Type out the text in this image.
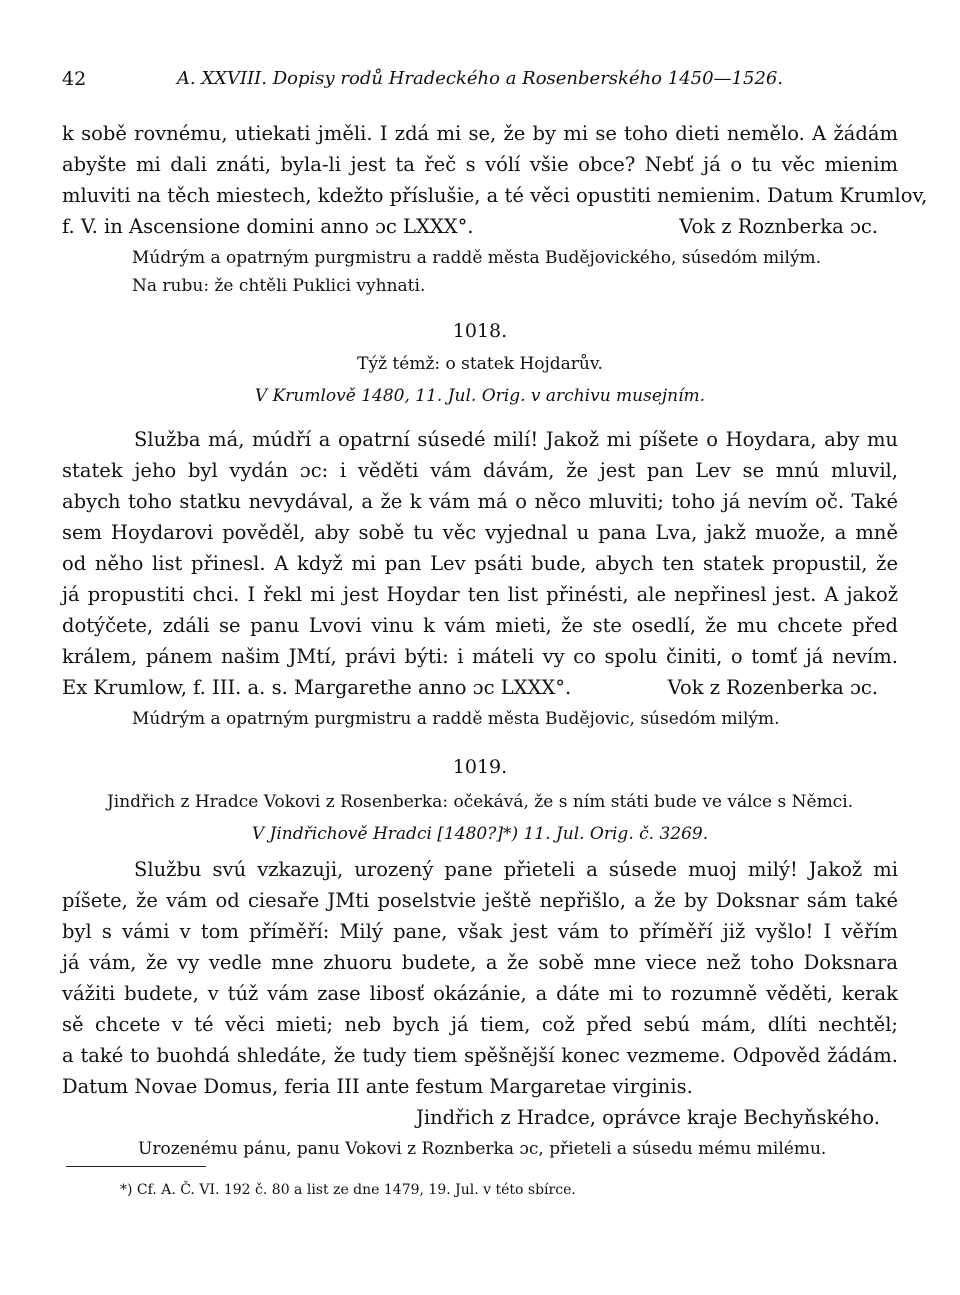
42	A. XXVIII. Dopisy rodů Hradeckého a Rosenberského 1450—1526.
k sobě rovnému, utiekati jměli. I zdá mi se, že by mi se toho dieti nemělo. A žádám
abyšte mi dali znáti, byla-li jest ta řeč s vólí všie obce? Nebť já o tu věc mienim
mluviti na těch miestech, kdežto příslušie, a té věci opustiti nemienim. Datum Krumlov,
f. V. in Ascensione domini anno ɔc LXXX°.	Vok z Roznberka ɔc.
Múdrým a opatrným purgmistru a raddě města Budějovického, súsedóm milým.
Na rubu: že chtěli Puklici vyhnati.
1018.
Týž témž: o statek Hojdarův.
V Krumlově 1480, 11. Jul. Orig. v archivu musejním.
Služba má, múdří a opatrní súsedé milí! Jakož mi píšete o Hoydara, aby mu
statek jeho byl vydán ɔc: i věděti vám dávám, že jest pan Lev se mnú mluvil,
abych toho statku nevydával, a že k vám má o něco mluviti; toho já nevím oč. Také
sem Hoydarovi pověděl, aby sobě tu věc vyjednal u pana Lva, jakž muože, a mně
od něho list přinesl. A když mi pan Lev psáti bude, abych ten statek propustil, že
já propustiti chci. I řekl mi jest Hoydar ten list přinésti, ale nepřinesl jest. A jakož
dotýčete, zdáli se panu Lvovi vinu k vám mieti, že ste osedlí, že mu chcete před
králem, pánem našim JMtí, právi býti: i máteli vy co spolu činiti, o tomť já nevím.
Ex Krumlow, f. III. a. s. Margarethe anno ɔc LXXX°.	Vok z Rozenberka ɔc.
Múdrým a opatrným purgmistru a raddě města Budějovic, súsedóm milým.
1019.
Jindřich z Hradce Vokovi z Rosenberka: očekává, že s ním státi bude ve válce s Němci.
V Jindřichově Hradci [1480?]*) 11. Jul. Orig. č. 3269.
Službu svú vzkazuji, urozený pane přieteli a súsede muoj milý! Jakož mi
píšete, že vám od ciesaře JMti poselstvie ještě nepřišlo, a že by Doksnar sám také
byl s vámi v tom příměří: Milý pane, však jest vám to příměří již vyšlo! I věřím
já vám, že vy vedle mne zhuoru budete, a že sobě mne viece než toho Doksnara
vážiti budete, v túž vám zase libosť okázánie, a dáte mi to rozumně věděti, kerak
sě chcete v té věci mieti; neb bych já tiem, což před sebú mám, dlíti nechtěl;
a také to buohdá shledáte, že tudy tiem spěšnější konec vezmeme. Odpověd žádám.
Datum Novae Domus, feria III ante festum Margaretae virginis.
Jindřich z Hradce, oprávce kraje Bechyňského.
Urozenému pánu, panu Vokovi z Roznberka ɔc, přieteli a súsedu mému milému.
*) Cf. A. Č. VI. 192 č. 80 a list ze dne 1479, 19. Jul. v této sbírce.
